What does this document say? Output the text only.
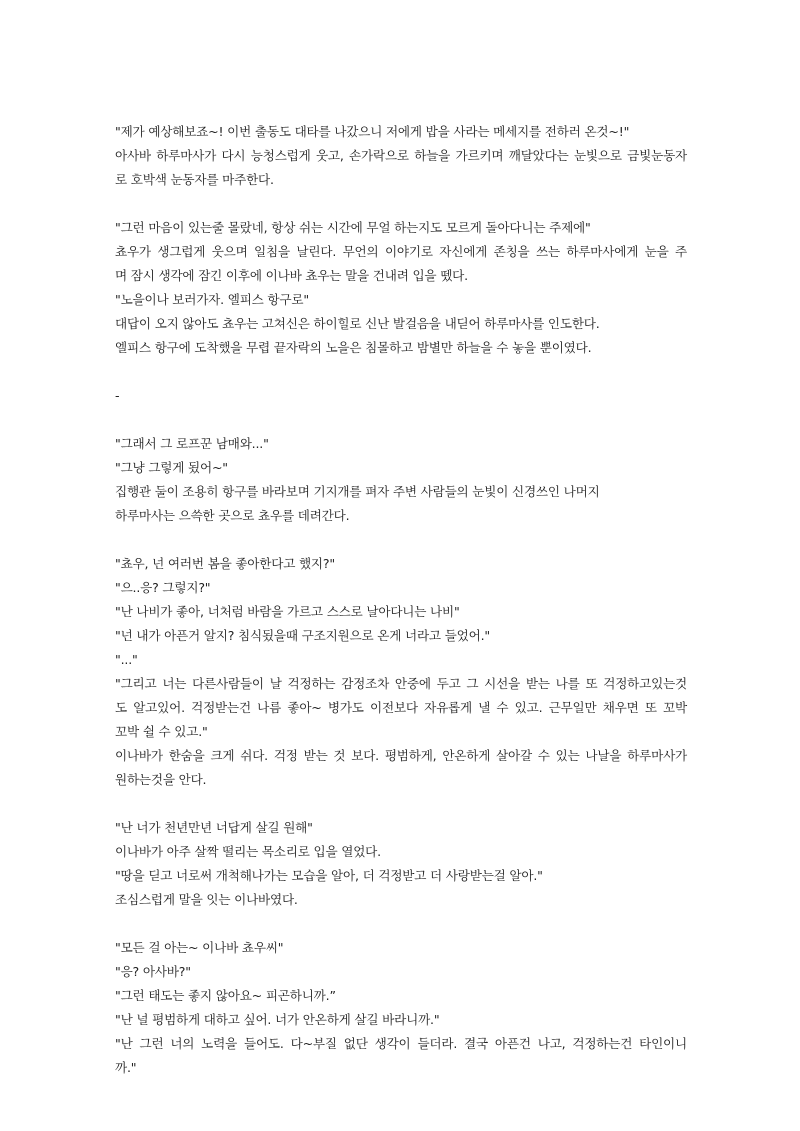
"제가 예상해보죠~! 이번 출동도 대타를 나갔으니 저에게 밥을 사라는 메세지를 전하러 온것~!"
아사바 하루마사가 다시 능청스럽게 웃고, 손가락으로 하늘을 가르키며 깨달았다는 눈빛으로 금빛눈동자
로 호박색 눈동자를 마주한다.
"그런 마음이 있는줄 몰랐네, 항상 쉬는 시간에 무얼 하는지도 모르게 돌아다니는 주제에"
쵸우가 생그럽게 웃으며 일침을 날린다. 무언의 이야기로 자신에게 존칭을 쓰는 하루마사에게 눈을 주
며 잠시 생각에 잠긴 이후에 이나바 쵸우는 말을 건내려 입을 뗐다.
"노을이나 보러가자. 엘피스 항구로"
대답이 오지 않아도 쵸우는 고쳐신은 하이힐로 신난 발걸음을 내딛어 하루마사를 인도한다.
엘피스 항구에 도착했을 무렵 끝자락의 노을은 침몰하고 밤별만 하늘을 수 놓을 뿐이였다.
-
"그래서 그 로프꾼 남매와..."
"그냥 그렇게 됬어~"
집행관 둘이 조용히 항구를 바라보며 기지개를 펴자 주변 사람들의 눈빛이 신경쓰인 나머지
하루마사는 으쓱한 곳으로 쵸우를 데려간다.
"쵸우, 넌 여러번 봄을 좋아한다고 했지?"
"으..응? 그렇지?"
"난 나비가 좋아, 너처럼 바람을 가르고 스스로 날아다니는 나비"
"넌 내가 아픈거 알지? 침식됬을때 구조지원으로 온게 너라고 들었어."
"..."
"그리고 너는 다른사람들이 날 걱정하는 감정조차 안중에 두고 그 시선을 받는 나를 또 걱정하고있는것
도 알고있어. 걱정받는건 나름 좋아~ 병가도 이전보다 자유롭게 낼 수 있고. 근무일만 채우면 또 꼬박
꼬박 쉴 수 있고."
이나바가 한숨을 크게 쉬다. 걱정 받는 것 보다. 평범하게, 안온하게 살아갈 수 있는 나날을 하루마사가
원하는것을 안다.
"난 너가 천년만년 너답게 살길 원해"
이나바가 아주 살짝 떨리는 목소리로 입을 열었다.
"땅을 딛고 너로써 개척해나가는 모습을 알아, 더 걱정받고 더 사랑받는걸 알아."
조심스럽게 말을 잇는 이나바였다.
"모든 걸 아는~ 이나바 쵸우씨"
"응? 아사바?"
"그런 태도는 좋지 않아요~ 피곤하니까.”
"난 널 평범하게 대하고 싶어. 너가 안온하게 살길 바라니까."
"난 그런 너의 노력을 들어도. 다~부질 없단 생각이 들더라. 결국 아픈건 나고, 걱정하는건 타인이니
까."
